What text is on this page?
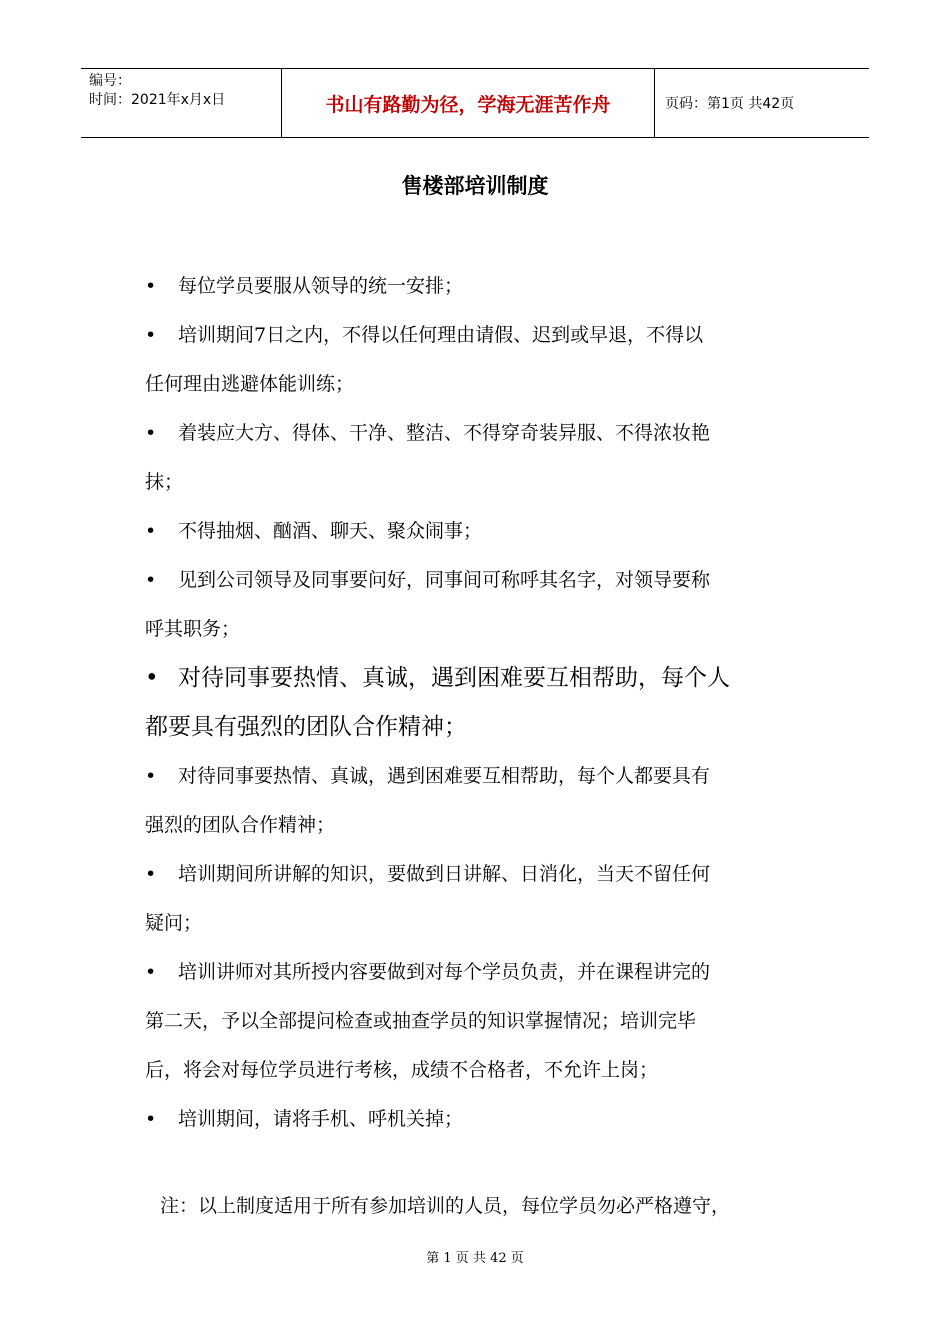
编号：
时间：2021年x月x日	书山有路勤为径，学海无涯苦作舟	页码：第1页 共42页
售楼部培训制度

• 每位学员要服从领导的统一安排；

• 培训期间7日之内，不得以任何理由请假、迟到或早退，不得以
任何理由逃避体能训练；

• 着装应大方、得体、干净、整洁、不得穿奇装异服、不得浓妆艳
抹；

• 不得抽烟、酗酒、聊天、聚众闹事；

• 见到公司领导及同事要问好，同事间可称呼其名字，对领导要称
呼其职务；

• 对待同事要热情、真诚，遇到困难要互相帮助，每个人
都要具有强烈的团队合作精神；

• 对待同事要热情、真诚，遇到困难要互相帮助，每个人都要具有
强烈的团队合作精神；

• 培训期间所讲解的知识，要做到日讲解、日消化，当天不留任何
疑问；

• 培训讲师对其所授内容要做到对每个学员负责，并在课程讲完的
第二天，予以全部提问检查或抽查学员的知识掌握情况；培训完毕
后，将会对每位学员进行考核，成绩不合格者，不允许上岗；

• 培训期间，请将手机、呼机关掉；

注：以上制度适用于所有参加培训的人员，每位学员勿必严格遵守，
第 1 页 共 42 页
